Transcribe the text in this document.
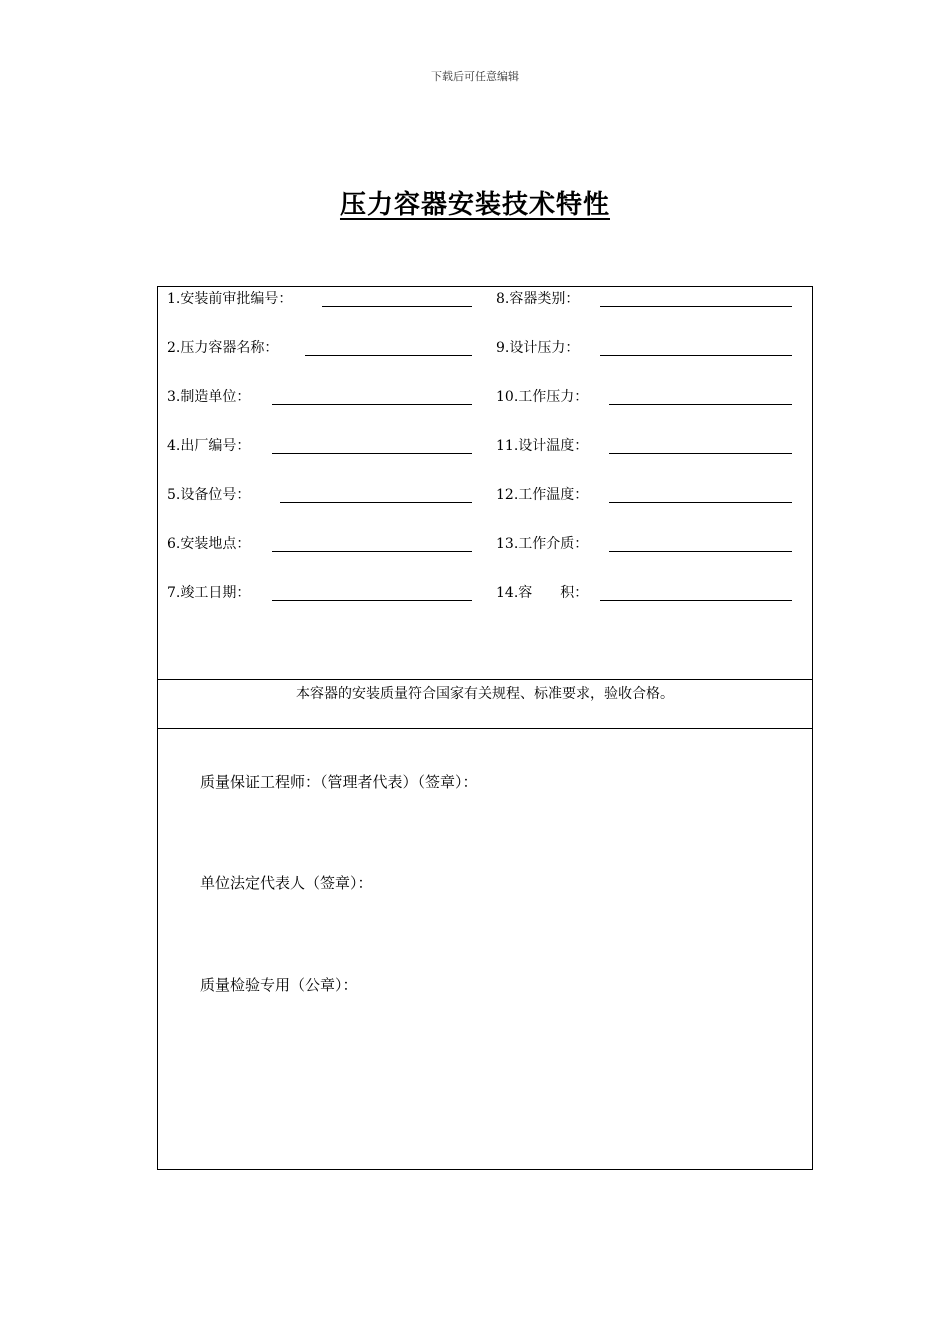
下载后可任意编辑
压力容器安装技术特性
1.安装前审批编号：
2.压力容器名称：
3.制造单位：
4.出厂编号：
5.设备位号：
6.安装地点：
7.竣工日期：
8.容器类别：
9.设计压力：
10.工作压力：
11.设计温度：
12.工作温度：
13.工作介质：
14.容　　积：
本容器的安装质量符合国家有关规程、标准要求，验收合格。
质量保证工程师：（管理者代表）（签章）：
单位法定代表人（签章）：
质量检验专用（公章）：
